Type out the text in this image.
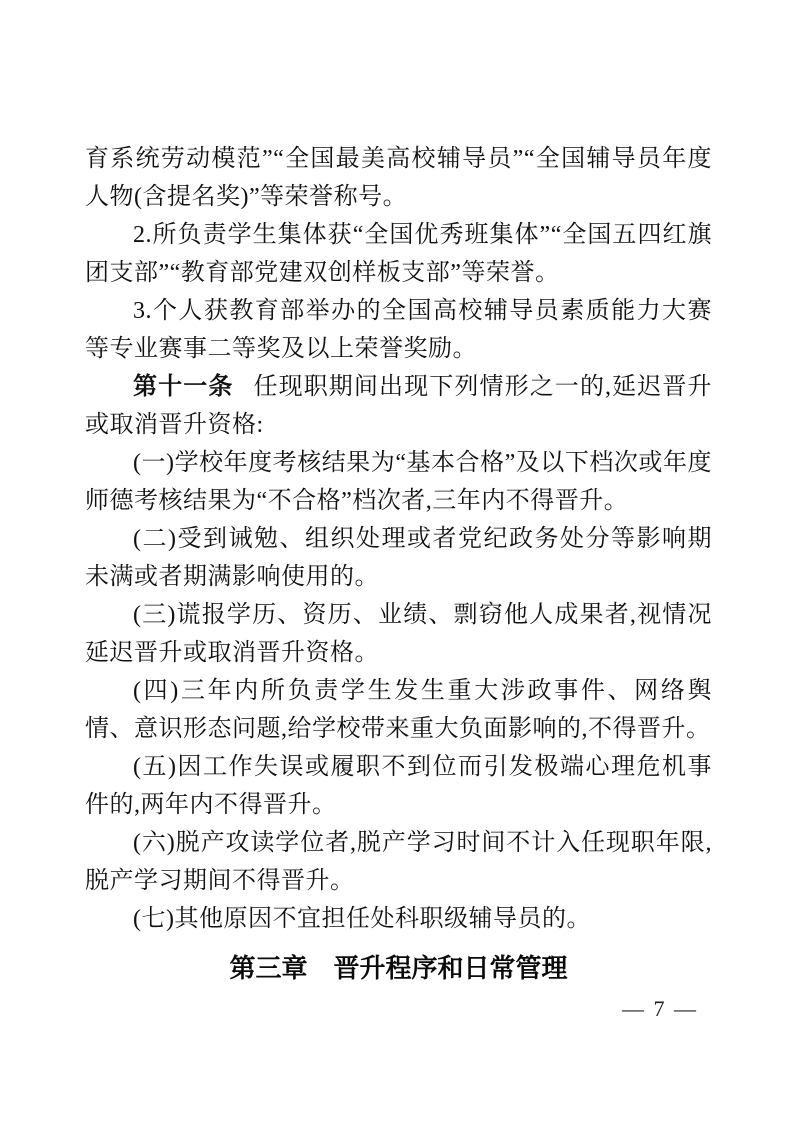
育系统劳动模范”“全国最美高校辅导员”“全国辅导员年度人物(含提名奖)”等荣誉称号。

2.所负责学生集体获“全国优秀班集体”“全国五四红旗团支部”“教育部党建双创样板支部”等荣誉。

3.个人获教育部举办的全国高校辅导员素质能力大赛等专业赛事二等奖及以上荣誉奖励。

第十一条 任现职期间出现下列情形之一的,延迟晋升或取消晋升资格:

(一)学校年度考核结果为“基本合格”及以下档次或年度师德考核结果为“不合格”档次者,三年内不得晋升。

(二)受到诫勉、组织处理或者党纪政务处分等影响期未满或者期满影响使用的。

(三)谎报学历、资历、业绩、剽窃他人成果者,视情况延迟晋升或取消晋升资格。

(四)三年内所负责学生发生重大涉政事件、网络舆情、意识形态问题,给学校带来重大负面影响的,不得晋升。

(五)因工作失误或履职不到位而引发极端心理危机事件的,两年内不得晋升。

(六)脱产攻读学位者,脱产学习时间不计入任现职年限,脱产学习期间不得晋升。

(七)其他原因不宜担任处科职级辅导员的。

第三章　晋升程序和日常管理
— 7 —
